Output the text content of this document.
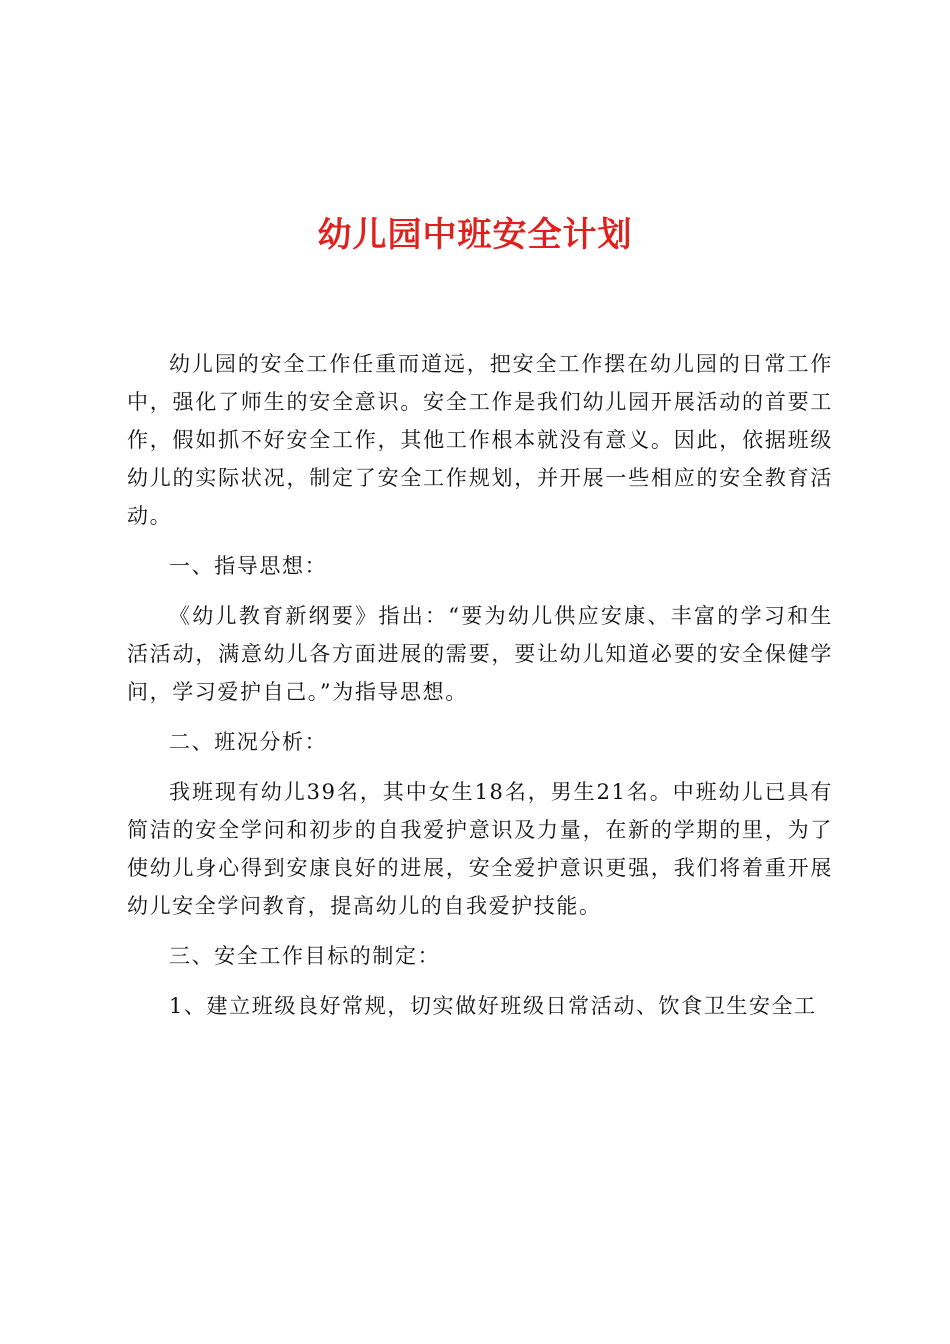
幼儿园中班安全计划

幼儿园的安全工作任重而道远，把安全工作摆在幼儿园的日常工作中，强化了师生的安全意识。安全工作是我们幼儿园开展活动的首要工作，假如抓不好安全工作，其他工作根本就没有意义。因此，依据班级幼儿的实际状况，制定了安全工作规划，并开展一些相应的安全教育活动。

一、指导思想：

《幼儿教育新纲要》指出：“要为幼儿供应安康、丰富的学习和生活活动，满意幼儿各方面进展的需要，要让幼儿知道必要的安全保健学问，学习爱护自己。”为指导思想。

二、班况分析：

我班现有幼儿39名，其中女生18名，男生21名。中班幼儿已具有简洁的安全学问和初步的自我爱护意识及力量，在新的学期的里，为了使幼儿身心得到安康良好的进展，安全爱护意识更强，我们将着重开展幼儿安全学问教育，提高幼儿的自我爱护技能。

三、安全工作目标的制定：

1、建立班级良好常规，切实做好班级日常活动、饮食卫生安全工
